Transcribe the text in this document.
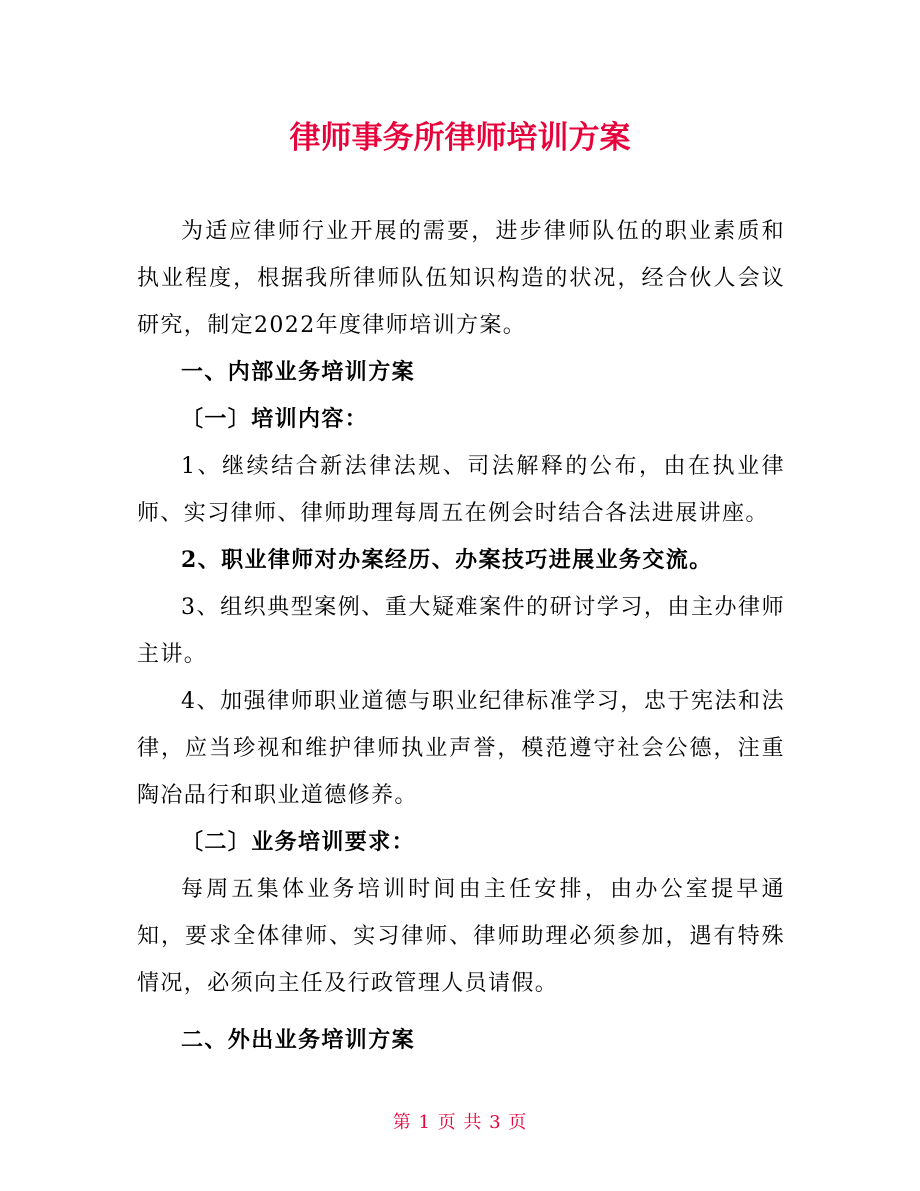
律师事务所律师培训方案

为适应律师行业开展的需要，进步律师队伍的职业素质和执业程度，根据我所律师队伍知识构造的状况，经合伙人会议研究，制定2022年度律师培训方案。

一、内部业务培训方案

〔一〕培训内容：

1、继续结合新法律法规、司法解释的公布，由在执业律师、实习律师、律师助理每周五在例会时结合各法进展讲座。

2、职业律师对办案经历、办案技巧进展业务交流。

3、组织典型案例、重大疑难案件的研讨学习，由主办律师主讲。

4、加强律师职业道德与职业纪律标准学习，忠于宪法和法律，应当珍视和维护律师执业声誉，模范遵守社会公德，注重陶冶品行和职业道德修养。

〔二〕业务培训要求：

每周五集体业务培训时间由主任安排，由办公室提早通知，要求全体律师、实习律师、律师助理必须参加，遇有特殊情况，必须向主任及行政管理人员请假。

二、外出业务培训方案

第 1 页 共 3 页
